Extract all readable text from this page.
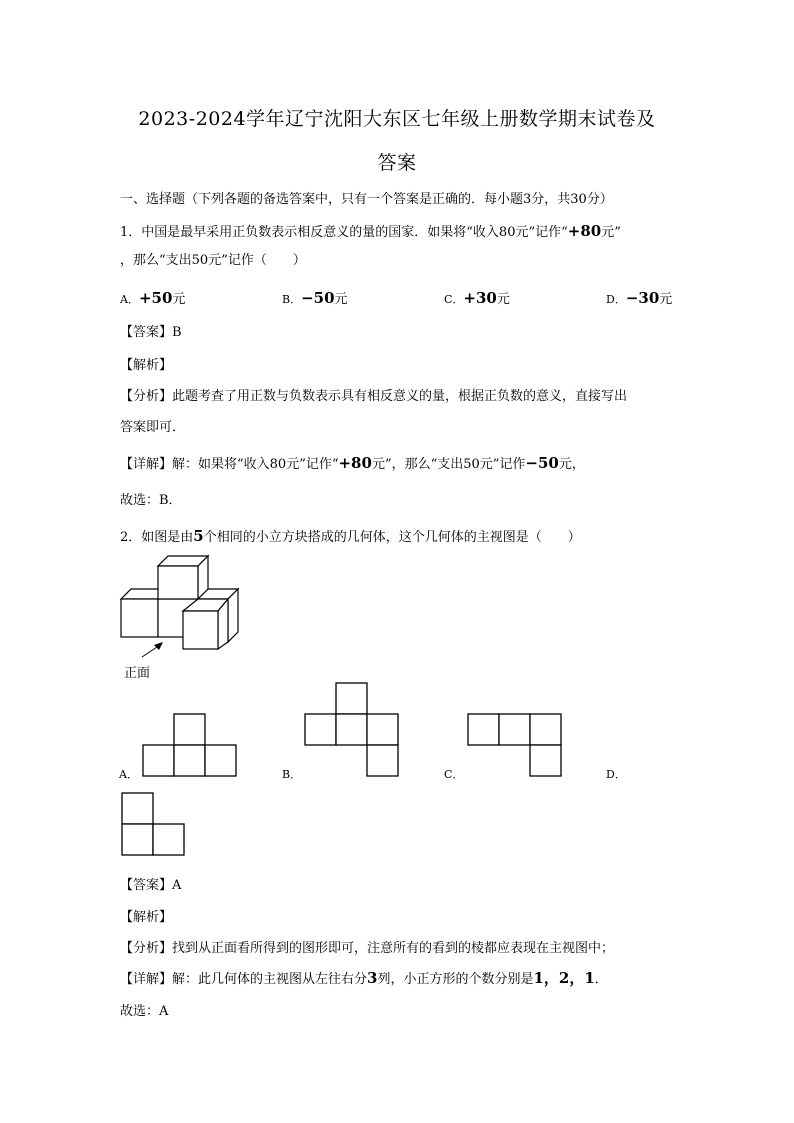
2023-2024学年辽宁沈阳大东区七年级上册数学期末试卷及
答案
一、选择题（下列各题的备选答案中，只有一个答案是正确的．每小题3分，共30分）
1．中国是最早采用正负数表示相反意义的量的国家．如果将“收入80元”记作“+80元”
，那么“支出50元”记作（　　）
A．+50元	B．−50元	C．+30元	D．−30元
【答案】B
【解析】
【分析】此题考查了用正数与负数表示具有相反意义的量，根据正负数的意义，直接写出
答案即可．
【详解】解：如果将“收入80元”记作“+80元”，那么“支出50元”记作−50元，
故选：B．
2．如图是由5个相同的小立方块搭成的几何体，这个几何体的主视图是（　　）
正面
A．	B．	C．	D．
【答案】A
【解析】
【分析】找到从正面看所得到的图形即可，注意所有的看到的棱都应表现在主视图中；
【详解】解：此几何体的主视图从左往右分3列，小正方形的个数分别是1，2，1．
故选：A
